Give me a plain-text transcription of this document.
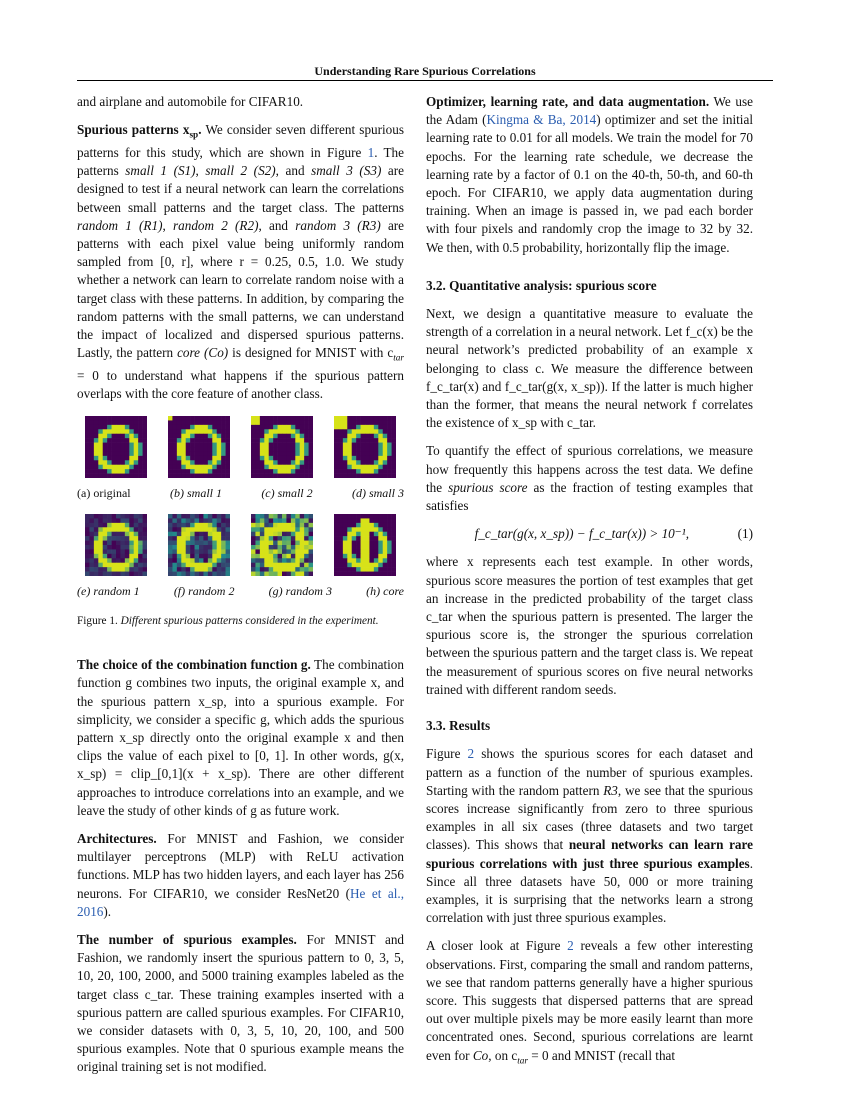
Understanding Rare Spurious Correlations

and airplane and automobile for CIFAR10.

Spurious patterns $x_{sp}$. We consider seven different spurious patterns for this study, which are shown in Figure 1. The patterns small 1 (S1), small 2 (S2), and small 3 (S3) are designed to test if a neural network can learn the correlations between small patterns and the target class. The patterns random 1 (R1), random 2 (R2), and random 3 (R3) are patterns with each pixel value being uniformly random sampled from [0, r], where r = 0.25, 0.5, 1.0. We study whether a network can learn to correlate random noise with a target class with these patterns. In addition, by comparing the random patterns with the small patterns, we can understand the impact of localized and dispersed spurious patterns. Lastly, the pattern core (Co) is designed for MNIST with $c_{tar} = 0$ to understand what happens if the spurious pattern overlaps with the core feature of another class.

(a) original	(b) small 1	(c) small 2	(d) small 3
(e) random 1	(f) random 2	(g) random 3	(h) core
Figure 1. Different spurious patterns considered in the experiment.

The choice of the combination function g. The combination function g combines two inputs, the original example x, and the spurious pattern x_sp, into a spurious example. For simplicity, we consider a specific g, which adds the spurious pattern x_sp directly onto the original example x and then clips the value of each pixel to [0, 1]. In other words, g(x, x_sp) = clip_[0,1](x + x_sp). There are other different approaches to introduce correlations into an example, and we leave the study of other kinds of g as future work.

Architectures. For MNIST and Fashion, we consider multilayer perceptrons (MLP) with ReLU activation functions. MLP has two hidden layers, and each layer has 256 neurons. For CIFAR10, we consider ResNet20 (He et al., 2016).

The number of spurious examples. For MNIST and Fashion, we randomly insert the spurious pattern to 0, 3, 5, 10, 20, 100, 2000, and 5000 training examples labeled as the target class c_tar. These training examples inserted with a spurious pattern are called spurious examples. For CIFAR10, we consider datasets with 0, 3, 5, 10, 20, 100, and 500 spurious examples. Note that 0 spurious example means the original training set is not modified.

Optimizer, learning rate, and data augmentation. We use the Adam (Kingma & Ba, 2014) optimizer and set the initial learning rate to 0.01 for all models. We train the model for 70 epochs. For the learning rate schedule, we decrease the learning rate by a factor of 0.1 on the 40-th, 50-th, and 60-th epoch. For CIFAR10, we apply data augmentation during training. When an image is passed in, we pad each border with four pixels and randomly crop the image to 32 by 32. We then, with 0.5 probability, horizontally flip the image.

3.2. Quantitative analysis: spurious score

Next, we design a quantitative measure to evaluate the strength of a correlation in a neural network. Let f_c(x) be the neural network’s predicted probability of an example x belonging to class c. We measure the difference between f_c_tar(x) and f_c_tar(g(x, x_sp)). If the latter is much higher than the former, that means the neural network f correlates the existence of x_sp with c_tar.

To quantify the effect of spurious correlations, we measure how frequently this happens across the test data. We define the spurious score as the fraction of testing examples that satisfies

f_c_tar(g(x, x_sp)) − f_c_tar(x)) > 10⁻¹,	(1)

where x represents each test example. In other words, spurious score measures the portion of test examples that get an increase in the predicted probability of the target class c_tar when the spurious pattern is presented. The larger the spurious score is, the stronger the spurious correlation between the spurious pattern and the target class is. We repeat the measurement of spurious scores on five neural networks trained with different random seeds.

3.3. Results

Figure 2 shows the spurious scores for each dataset and pattern as a function of the number of spurious examples. Starting with the random pattern R3, we see that the spurious scores increase significantly from zero to three spurious examples in all six cases (three datasets and two target classes). This shows that neural networks can learn rare spurious correlations with just three spurious examples. Since all three datasets have 50, 000 or more training examples, it is surprising that the networks learn a strong correlation with just three spurious examples.

A closer look at Figure 2 reveals a few other interesting observations. First, comparing the small and random patterns, we see that random patterns generally have a higher spurious score. This suggests that dispersed patterns that are spread out over multiple pixels may be more easily learnt than more concentrated ones. Second, spurious correlations are learnt even for Co, on $c_{tar} = 0$ and MNIST (recall that
